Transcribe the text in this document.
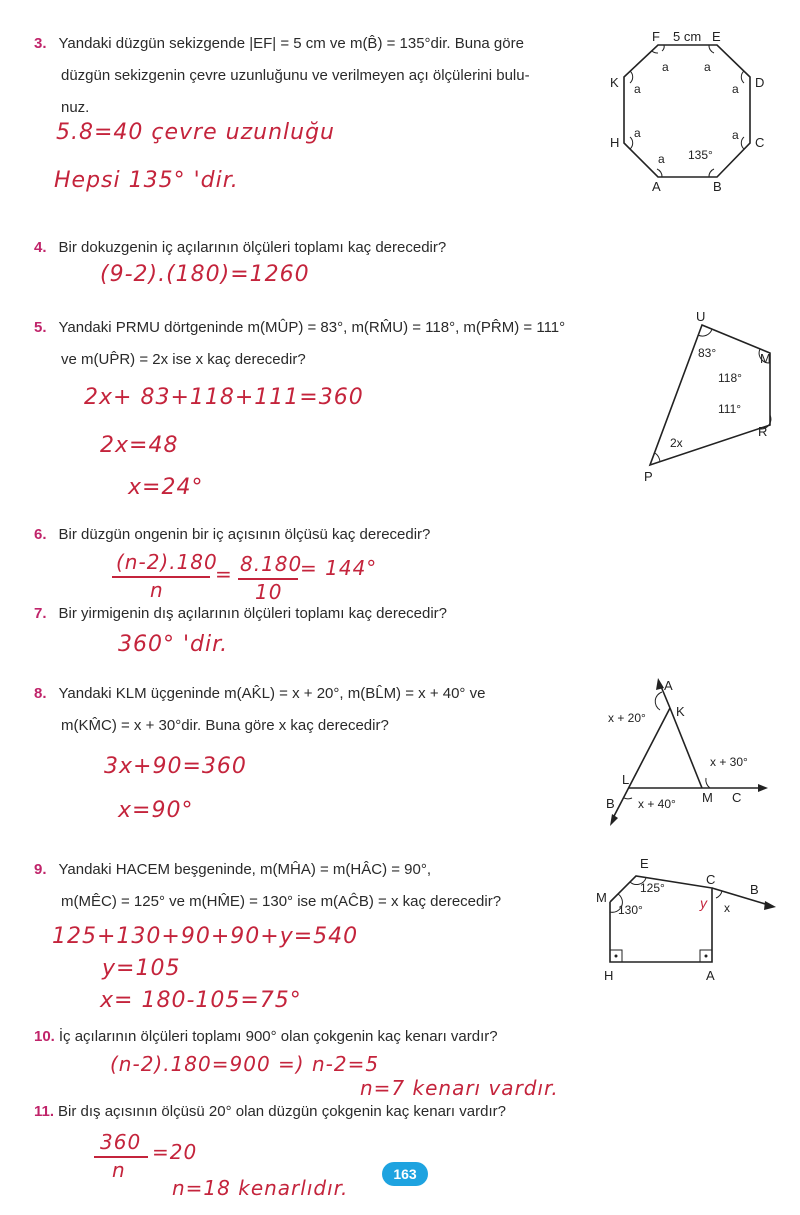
3. Yandaki düzgün sekizgende |EF| = 5 cm ve m(B̂) = 135°dir. Buna göre
düzgün sekizgenin çevre uzunluğunu ve verilmeyen açı ölçülerini bulu-
nuz.
5.8=40 çevre uzunluğu
Hepsi 135° 'dir.
F 5 cm E
D
C
B
A
H
K
a	a
a
a
a
a
a 135°
4. Bir dokuzgenin iç açılarının ölçüleri toplamı kaç derecedir?
(9-2).(180)=1260
5. Yandaki PRMU dörtgeninde m(MÛP) = 83°, m(RM̂U) = 118°, m(PR̂M) = 111°
ve m(UP̂R) = 2x ise x kaç derecedir?
2x+ 83+118+111=360
2x=48
x=24°
U
M
R
P
83°
118°
111°
2x
6. Bir düzgün ongenin bir iç açısının ölçüsü kaç derecedir?
(n-2).180
n
= 8.180
10
= 144°
7. Bir yirmigenin dış açılarının ölçüleri toplamı kaç derecedir?
360° 'dir.
8. Yandaki KLM üçgeninde m(AK̂L) = x + 20°, m(BL̂M) = x + 40° ve
m(KM̂C) = x + 30°dir. Buna göre x kaç derecedir?
3x+90=360
x=90°
A
K
L
M
B	C
x + 20°
x + 30°
x + 40°
9. Yandaki HACEM beşgeninde, m(MĤA) = m(HÂC) = 90°,
m(MÊC) = 125° ve m(HM̂E) = 130° ise m(AĈB) = x kaç derecedir?
125+130+90+90+y=540
y=105
x= 180-105=75°
E
C
B
M
H	A
125°
130°	x
y
10. İç açılarının ölçüleri toplamı 900° olan çokgenin kaç kenarı vardır?
(n-2).180=900 =) n-2=5
n=7 kenarı vardır.
11. Bir dış açısının ölçüsü 20° olan düzgün çokgenin kaç kenarı vardır?
360
n
=20
n=18 kenarlıdır.
163
